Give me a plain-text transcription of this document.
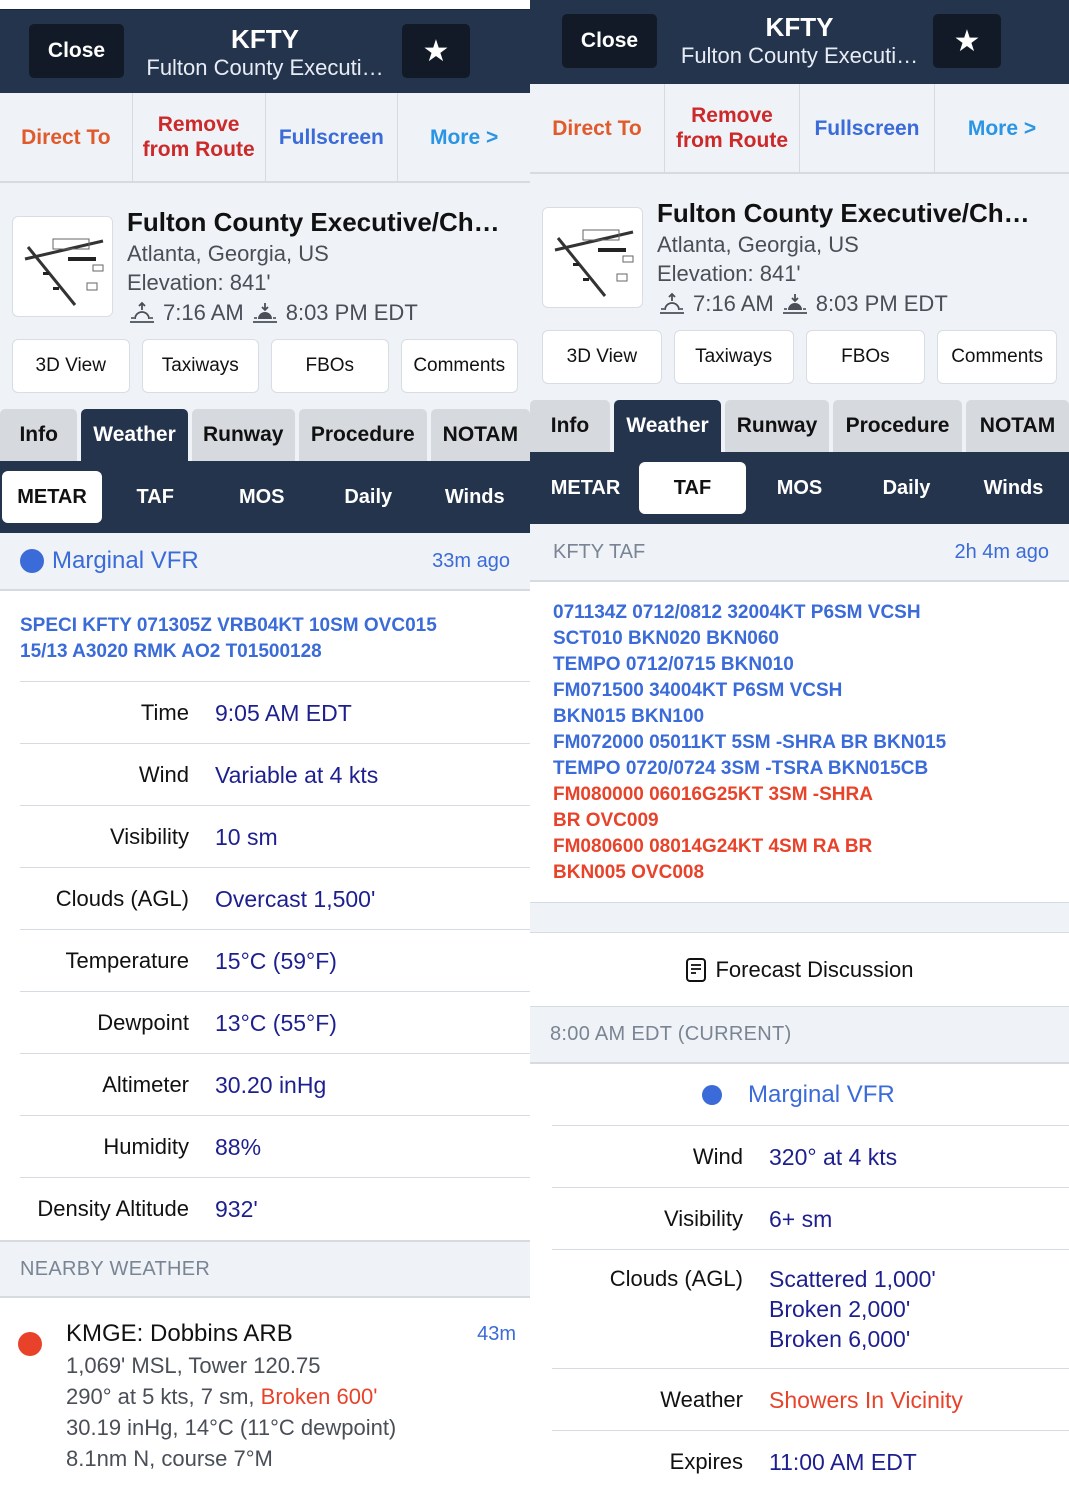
Close	KFTY
Fulton County Executi…	★
Direct To
Remove
from Route
Fullscreen	More >
Fulton County Executive/Ch…
Atlanta, Georgia, US
Elevation: 841'
7:16 AM 8:03 PM EDT
3D View	Taxiways	FBOs	Comments
Info	Weather	Runway	Procedure	NOTAM
METAR	TAF	MOS	Daily	Winds
Marginal VFR	33m ago
SPECI KFTY 071305Z VRB04KT 10SM OVC015
15/13 A3020 RMK AO2 T01500128
Time	9:05 AM EDT
Wind	Variable at 4 kts
Visibility	10 sm
Clouds (AGL)	Overcast 1,500'
Temperature	15°C (59°F)
Dewpoint	13°C (55°F)
Altimeter	30.20 inHg
Humidity	88%
Density Altitude	932'
NEARBY WEATHER
KMGE: Dobbins ARB	43m
1,069' MSL, Tower 120.75
290° at 5 kts, 7 sm, Broken 600'
30.19 inHg, 14°C (11°C dewpoint)
8.1nm N, course 7°M
Close	KFTY
Fulton County Executi…	★
Direct To
Remove
from Route
Fullscreen	More >
Fulton County Executive/Ch…
Atlanta, Georgia, US
Elevation: 841'
7:16 AM 8:03 PM EDT
3D View	Taxiways	FBOs	Comments
Info	Weather	Runway	Procedure	NOTAM
METAR	TAF	MOS	Daily	Winds
KFTY TAF	2h 4m ago
071134Z 0712/0812 32004KT P6SM VCSH
SCT010 BKN020 BKN060
TEMPO 0712/0715 BKN010
FM071500 34004KT P6SM VCSH
BKN015 BKN100
FM072000 05011KT 5SM -SHRA BR BKN015
TEMPO 0720/0724 3SM -TSRA BKN015CB
FM080000 06016G25KT 3SM -SHRA
BR OVC009
FM080600 08014G24KT 4SM RA BR
BKN005 OVC008
Forecast Discussion
8:00 AM EDT (CURRENT)
Marginal VFR
Wind	320° at 4 kts
Visibility	6+ sm
Clouds (AGL) Scattered 1,000'
Broken 2,000'
Broken 6,000'
Weather	Showers In Vicinity
Expires	11:00 AM EDT
